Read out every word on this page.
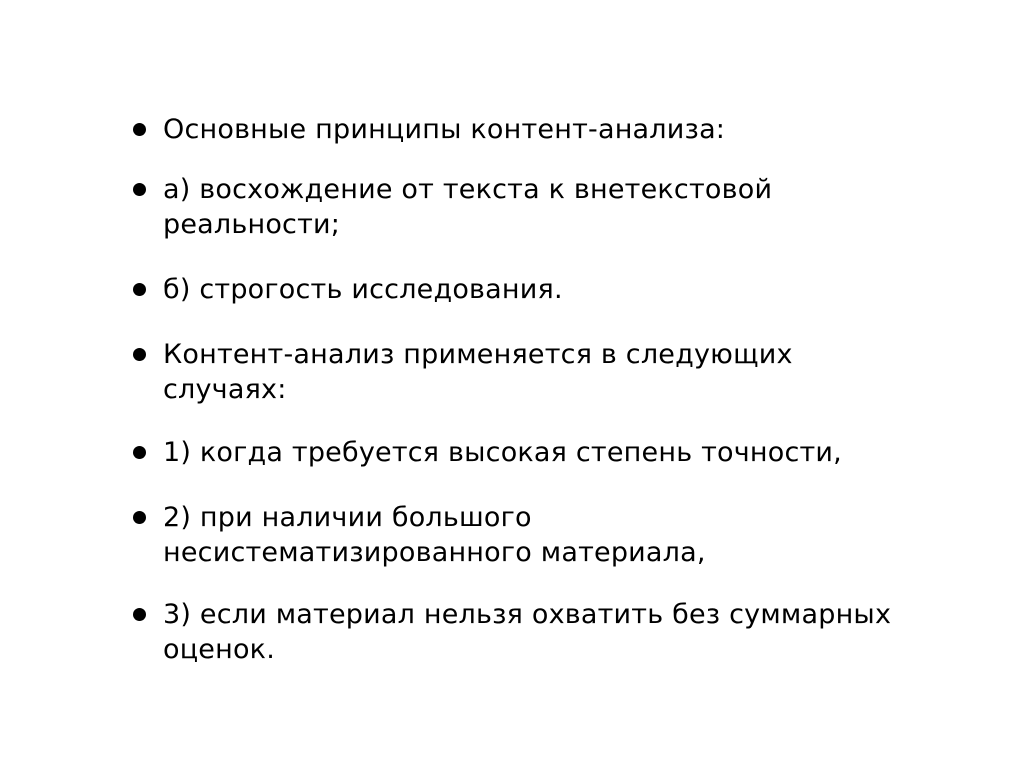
Основные принципы контент-анализа:
а) восхождение от текста к внетекстовой реальности;
б) строгость исследования.
Контент-анализ применяется в следующих случаях:
1) когда требуется высокая степень точности,
2) при наличии большого несистематизированного материала,
3) если материал нельзя охватить без суммарных оценок.
